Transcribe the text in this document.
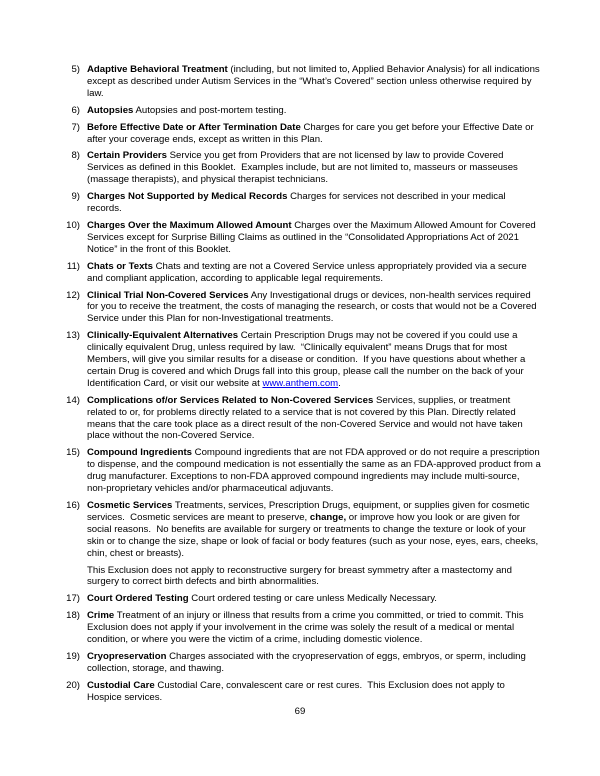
5) Adaptive Behavioral Treatment (including, but not limited to, Applied Behavior Analysis) for all indications except as described under Autism Services in the “What’s Covered” section unless otherwise required by law.
6) Autopsies Autopsies and post-mortem testing.
7) Before Effective Date or After Termination Date Charges for care you get before your Effective Date or after your coverage ends, except as written in this Plan.
8) Certain Providers Service you get from Providers that are not licensed by law to provide Covered Services as defined in this Booklet.  Examples include, but are not limited to, masseurs or masseuses (massage therapists), and physical therapist technicians.
9) Charges Not Supported by Medical Records Charges for services not described in your medical records.
10) Charges Over the Maximum Allowed Amount Charges over the Maximum Allowed Amount for Covered Services except for Surprise Billing Claims as outlined in the “Consolidated Appropriations Act of 2021 Notice” in the front of this Booklet.
11) Chats or Texts Chats and texting are not a Covered Service unless appropriately provided via a secure and compliant application, according to applicable legal requirements.
12) Clinical Trial Non-Covered Services Any Investigational drugs or devices, non-health services required for you to receive the treatment, the costs of managing the research, or costs that would not be a Covered Service under this Plan for non-Investigational treatments.
13) Clinically-Equivalent Alternatives Certain Prescription Drugs may not be covered if you could use a clinically equivalent Drug, unless required by law.  “Clinically equivalent” means Drugs that for most Members, will give you similar results for a disease or condition.  If you have questions about whether a certain Drug is covered and which Drugs fall into this group, please call the number on the back of your Identification Card, or visit our website at www.anthem.com.
14) Complications of/or Services Related to Non-Covered Services Services, supplies, or treatment related to or, for problems directly related to a service that is not covered by this Plan. Directly related means that the care took place as a direct result of the non-Covered Service and would not have taken place without the non-Covered Service.
15) Compound Ingredients Compound ingredients that are not FDA approved or do not require a prescription to dispense, and the compound medication is not essentially the same as an FDA-approved product from a drug manufacturer. Exceptions to non-FDA approved compound ingredients may include multi-source, non-proprietary vehicles and/or pharmaceutical adjuvants.
16) Cosmetic Services Treatments, services, Prescription Drugs, equipment, or supplies given for cosmetic services.  Cosmetic services are meant to preserve, change, or improve how you look or are given for social reasons.  No benefits are available for surgery or treatments to change the texture or look of your skin or to change the size, shape or look of facial or body features (such as your nose, eyes, ears, cheeks, chin, chest or breasts).
This Exclusion does not apply to reconstructive surgery for breast symmetry after a mastectomy and surgery to correct birth defects and birth abnormalities.
17) Court Ordered Testing Court ordered testing or care unless Medically Necessary.
18) Crime Treatment of an injury or illness that results from a crime you committed, or tried to commit. This Exclusion does not apply if your involvement in the crime was solely the result of a medical or mental condition, or where you were the victim of a crime, including domestic violence.
19) Cryopreservation Charges associated with the cryopreservation of eggs, embryos, or sperm, including collection, storage, and thawing.
20) Custodial Care Custodial Care, convalescent care or rest cures.  This Exclusion does not apply to Hospice services.
69
